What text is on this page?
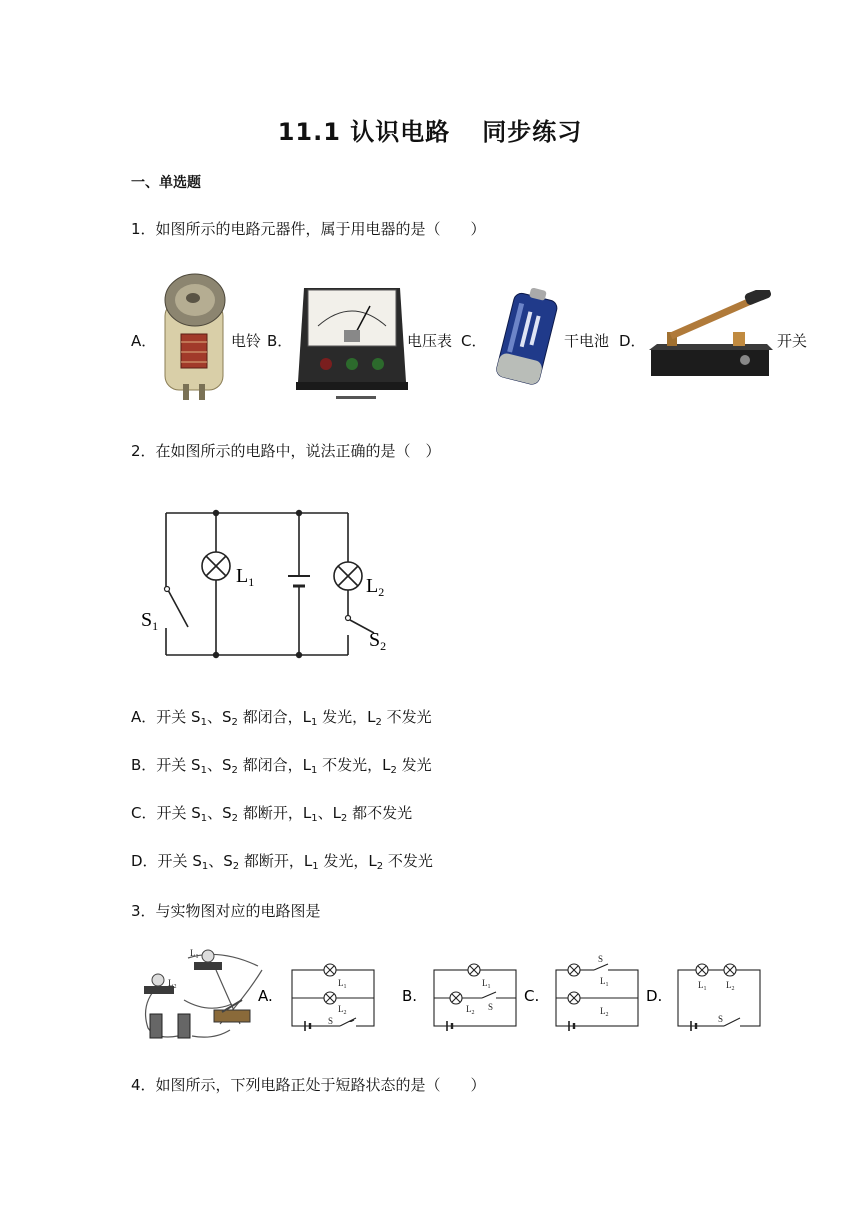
11.1 认识电路 同步练习
一、单选题
1．如图所示的电路元器件，属于用电器的是（　　）
A．	电铃 B．	电压表 C．	干电池 D．	开关
2．在如图所示的电路中，说法正确的是（　）
$L_1$	$L_2$
$S_1$
$S_2$
A．开关 $S_1$、$S_2$ 都闭合，$L_1$ 发光，$L_2$ 不发光
B．开关 $S_1$、$S_2$ 都闭合，$L_1$ 不发光，$L_2$ 发光
C．开关 $S_1$、$S_2$ 都断开，$L_1$、$L_2$ 都不发光
D．开关 $S_1$、$S_2$ 都断开，$L_1$ 发光，$L_2$ 不发光
3．与实物图对应的电路图是
$L_1$
$L_2$	A.
$L_1$
$L_2$
S
B.
$L_1$
$L_2$
S
C.
S
$L_1$
$L_2$
D.
$L_1$ $L_2$
S
4．如图所示，下列电路正处于短路状态的是（　　）
